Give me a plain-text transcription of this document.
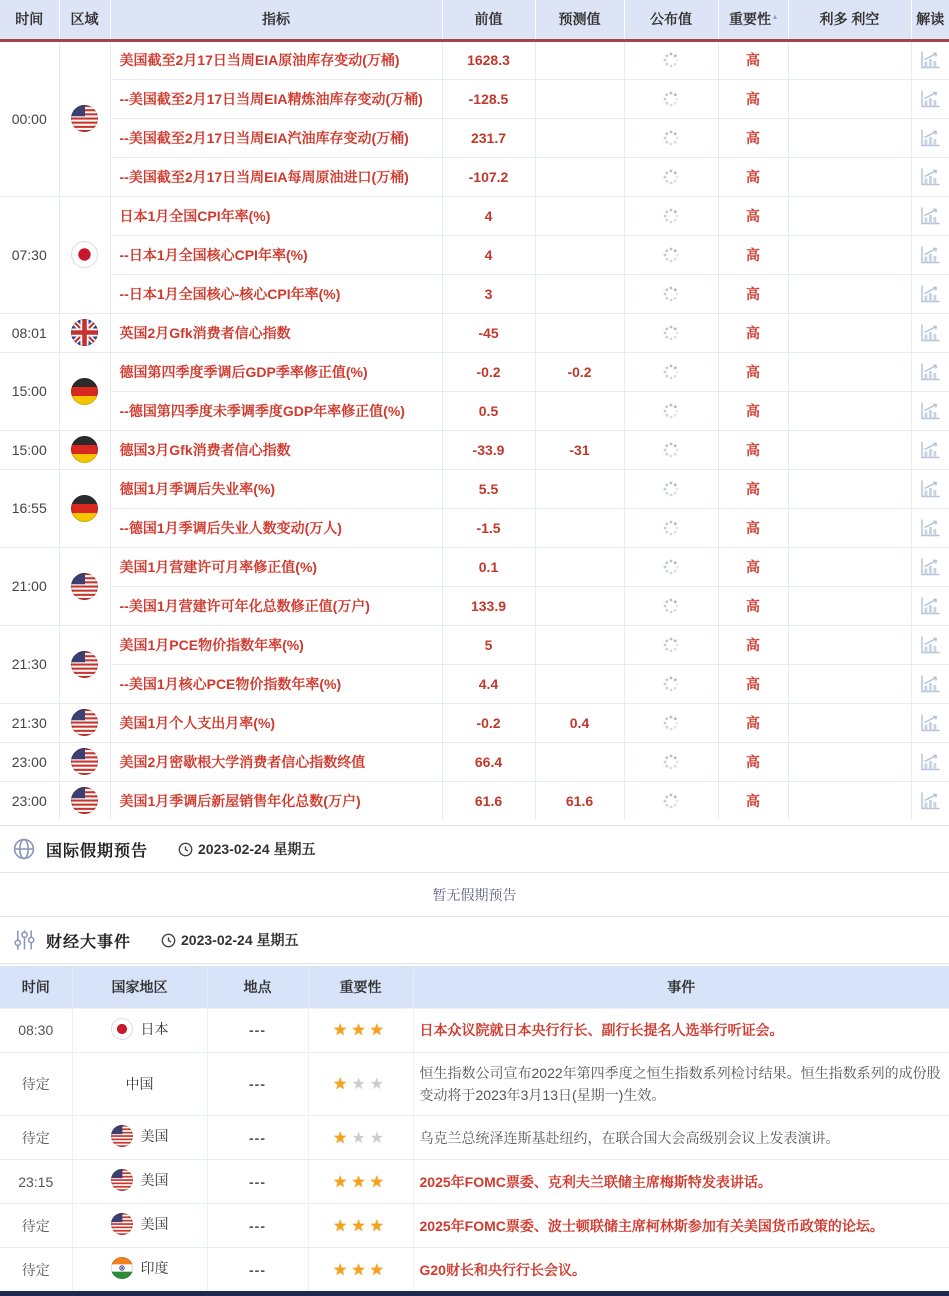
时间	区域	指标	前值	预测值	公布值	重要性 ▴	利多 利空	解读
00:00		美国截至2月17日当周EIA原油库存变动(万桶)	1628.3			高		

		--美国截至2月17日当周EIA精炼油库存变动(万桶)	-128.5			高		

		--美国截至2月17日当周EIA汽油库存变动(万桶)	231.7			高		

		--美国截至2月17日当周EIA每周原油进口(万桶)	-107.2			高		

07:30		日本1月全国CPI年率(%)	4			高		

		--日本1月全国核心CPI年率(%)	4			高		

		--日本1月全国核心-核心CPI年率(%)	3			高		

08:01		英国2月Gfk消费者信心指数	-45			高		

15:00		德国第四季度季调后GDP季率修正值(%)	-0.2	-0.2		高		

		--德国第四季度未季调季度GDP年率修正值(%)	0.5			高		

15:00		德国3月Gfk消费者信心指数	-33.9	-31		高		

16:55		德国1月季调后失业率(%)	5.5			高		

		--德国1月季调后失业人数变动(万人)	-1.5			高		

21:00		美国1月营建许可月率修正值(%)	0.1			高		

		--美国1月营建许可年化总数修正值(万户)	133.9			高		

21:30		美国1月PCE物价指数年率(%)	5			高		

		--美国1月核心PCE物价指数年率(%)	4.4			高		

21:30		美国1月个人支出月率(%)	-0.2	0.4		高		

23:00		美国2月密歇根大学消费者信心指数终值	66.4			高		

23:00		美国1月季调后新屋销售年化总数(万户)	61.6	61.6		高		
国际假期预告	2023-02-24 星期五
暂无假期预告
财经大事件	2023-02-24 星期五
时间	国家地区	地点	重要性	事件
08:30	日本	---	★★★	日本众议院就日本央行行长、副行长提名人选举行听证会。
待定	中国	---	★★★	恒生指数公司宣布2022年第四季度之恒生指数系列检讨结果。恒生指数系列的成份股变动将于2023年3月13日(星期一)生效。
待定	美国	---	★★★	乌克兰总统泽连斯基赴纽约，在联合国大会高级别会议上发表演讲。
23:15	美国	---	★★★	2025年FOMC票委、克利夫兰联储主席梅斯特发表讲话。
待定	美国	---	★★★	2025年FOMC票委、波士顿联储主席柯林斯参加有关美国货币政策的论坛。
待定	印度	---	★★★	G20财长和央行行长会议。
